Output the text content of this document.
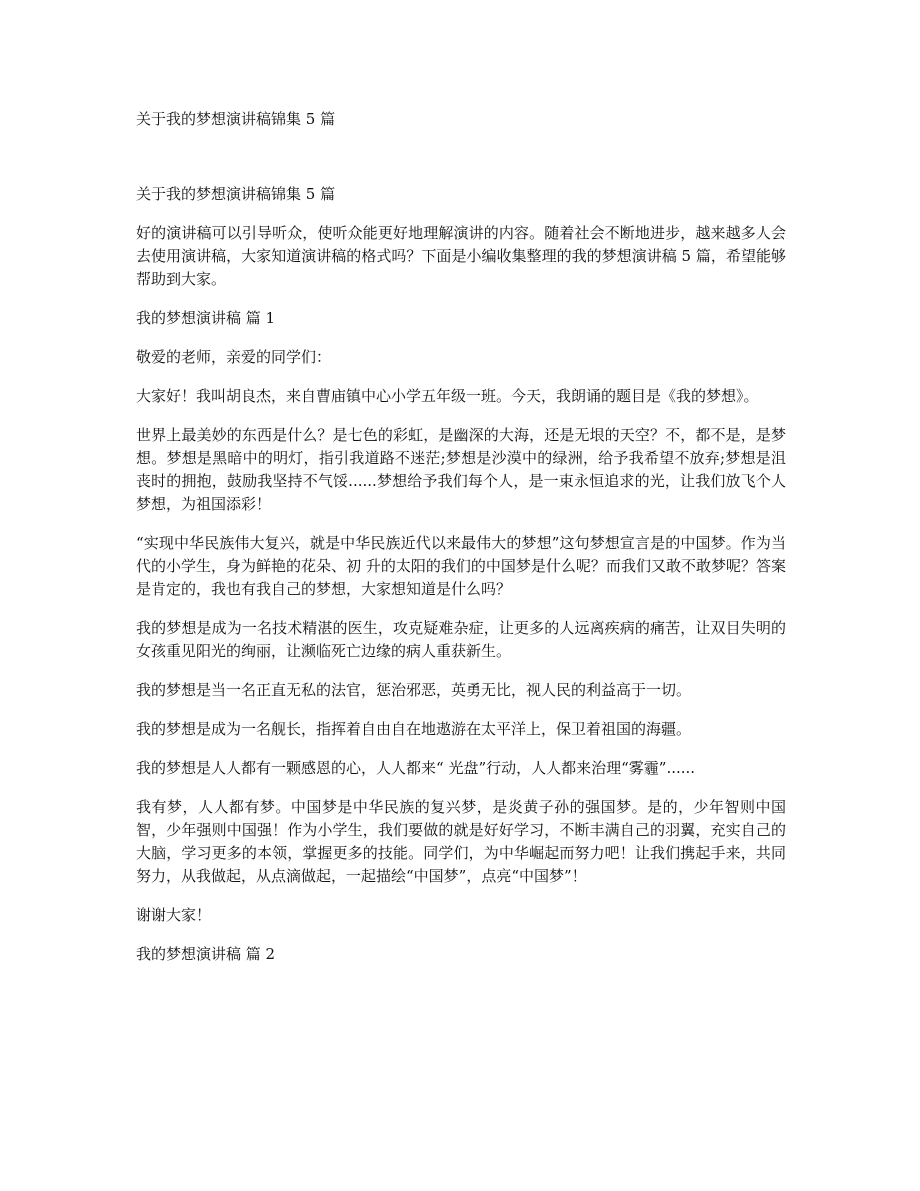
关于我的梦想演讲稿锦集 5 篇

关于我的梦想演讲稿锦集 5 篇

好的演讲稿可以引导听众，使听众能更好地理解演讲的内容。随着社会不断地进步，越来越多人会去使用演讲稿，大家知道演讲稿的格式吗？下面是小编收集整理的我的梦想演讲稿 5 篇，希望能够帮助到大家。

我的梦想演讲稿 篇 1

敬爱的老师，亲爱的同学们：

大家好！我叫胡良杰，来自曹庙镇中心小学五年级一班。今天，我朗诵的题目是《我的梦想》。

世界上最美妙的东西是什么？是七色的彩虹，是幽深的大海，还是无垠的天空？不，都不是，是梦想。梦想是黑暗中的明灯，指引我道路不迷茫;梦想是沙漠中的绿洲，给予我希望不放弃;梦想是沮丧时的拥抱，鼓励我坚持不气馁......梦想给予我们每个人，是一束永恒追求的光，让我们放飞个人梦想，为祖国添彩！

“实现中华民族伟大复兴，就是中华民族近代以来最伟大的梦想”这句梦想宣言是的中国梦。作为当代的小学生，身为鲜艳的花朵、初 升的太阳的我们的中国梦是什么呢？而我们又敢不敢梦呢？答案是肯定的，我也有我自己的梦想，大家想知道是什么吗？

我的梦想是成为一名技术精湛的医生，攻克疑难杂症，让更多的人远离疾病的痛苦，让双目失明的女孩重见阳光的绚丽，让濒临死亡边缘的病人重获新生。

我的梦想是当一名正直无私的法官，惩治邪恶，英勇无比，视人民的利益高于一切。

我的梦想是成为一名舰长，指挥着自由自在地遨游在太平洋上，保卫着祖国的海疆。

我的梦想是人人都有一颗感恩的心，人人都来“ 光盘”行动，人人都来治理“雾霾”......

我有梦，人人都有梦。中国梦是中华民族的复兴梦，是炎黄子孙的强国梦。是的，少年智则中国智，少年强则中国强！作为小学生，我们要做的就是好好学习，不断丰满自己的羽翼，充实自己的大脑，学习更多的本领，掌握更多的技能。同学们，为中华崛起而努力吧！让我们携起手来，共同努力，从我做起，从点滴做起，一起描绘“中国梦”，点亮“中国梦”！

谢谢大家！

我的梦想演讲稿 篇 2
